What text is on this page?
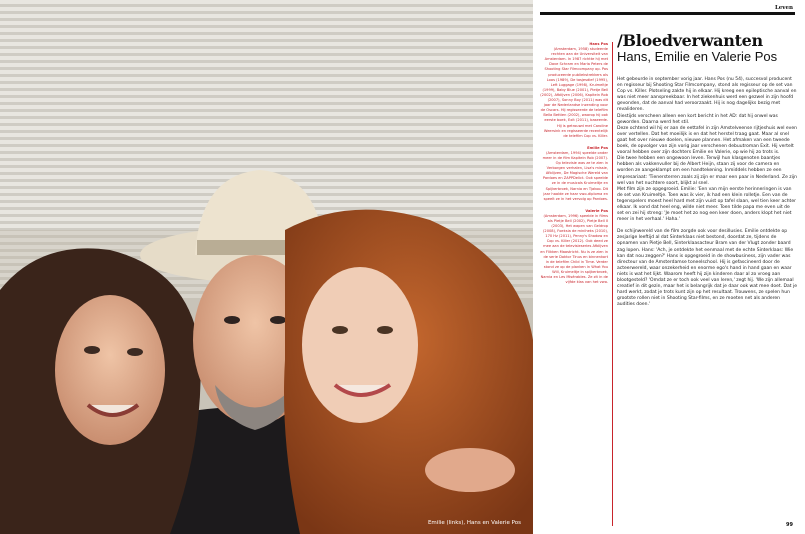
Emilie (links), Hans en Valerie Pos
Leven
Hans Pos
(Amsterdam, 1958) studeerde rechten aan de Universiteit van Amsterdam. In 1987 richtte hij met Dave Schram en Maria Peters de Shooting Star Filmcompany op. Pos produceerde publiekstrekkers als Loos (1989), De tasjesdief (1995), Left Luggage (1998), Kruimeltje (1999), Baby Blue (2001), Pietje Bell (2002), Afblijven (2006), Kapitein Rob (2007), Sonny Boy (2011) was dit jaar de Nederlandse inzending voor de Oscars. Hij regisseerde de telefilm Bella Bettien (2002), waarop hij ook eerste boek, Exit (2011), baseerde. Hij is getrouwd met Caroline Weersink en regisseerde recentelijk de telefilm Cop vs. Killer.
Emilie Pos
(Amsterdam, 1994) speelde onder meer in de film Kapitein Rob (2007). Op televisie was ze te zien in Verborgen verhalen, Lisa's missie, Afblijven, De Magische Wereld van Pardoes en ZAPPDelict. Ook speelde ze in de musicals Kruimeltje en Spijkerbroek, Narnia en Tjakoo. Dit jaar haalde ze haar vwo-diploma en speelt ze in het vervolg op Pardoes.
Valerie Pos
(Amsterdam, 1996) speelde in films als Pietje Bell (2002), Pietje Bell II (2003), Het wapen van Geldrop (2008), Foeksia de miniheks (2010), 170 Hz (2011), Penny's Shadow en Cop vs. Killer (2012). Ook deed ze mee aan de televisieseries Afblijven en Flikken Maastricht. Nu is ze zien in de serie Doktor Tinus en binnenkort in de telefilm Child in Time. Verder stond ze op de planken in What You Will, Kruimeltje in spijkerbroek, Narnia en Les Misérables. Ze zit in de vijfde klas van het vwo.
/Bloedverwanten
Hans, Emilie en Valerie Pos

Het gebeurde in september vorig jaar. Hans Pos (nu 54), succesvol producent en regisseur bij Shooting Star Filmcompany, stond als regisseur op de set van Cop vs. Killer. Plotseling zakte hij in elkaar. Hij kreeg een epileptische aanval en was niet meer aanspreekbaar. In het ziekenhuis werd een gezwel in zijn hoofd gevonden, dat de aanval had veroorzaakt. Hij is nog dagelijks bezig met revalideren.

Diestijds verscheen alleen een kort bericht in het AD: dat hij onwel was geworden. Daarna werd het stil.

Deze ochtend wil hij er aan de eettafel in zijn Amstelveense rijtjeshuis wel even over vertellen. Dat het moeilijk is en dat het herstel traag gaat. Maar al snel gaat het over nieuwe doelen, nieuwe plannen. Het afmaken van een tweede boek, de opvolger van zijn vorig jaar verschenen debuutroman Exit. Hij vertelt vooral hebben over zijn dochters Emilie en Valerie, op wie hij zo trots is.

Die twee hebben een ongewoon leven. Terwijl hun klasgenoten baantjes hebben als vakkenvuller bij de Albert Heijn, staan zij voor de camera en worden ze aangeklampt om een handtekening. Inmiddels hebben ze een impresariaat: 'Tienersterren zoals zij zijn er maar een paar in Nederland. Ze zijn wel van het nuchtere soort, blijkt al snel.

Met film zijn ze opgegroeid. Emilie: 'Een van mijn eerste herinneringen is van de set van Kruimeltje. Toen was ik vier, ik had een klein rolletje. Een van de tegenspelers moest heel hard met zijn vuist op tafel slaan, wel tien keer achter elkaar. Ik vond dat heel eng, wilde niet meer. Toen tilde papa me even uit de set en zei hij streng: 'Je moet het zo nog een keer doen, anders klopt het niet meer in het verhaal.' Haha.'

De schijnwereld van de film zorgde ook voor desillusies. Emilie ontdekte op zesjarige leeftijd al dat Sinterklaas niet bestond, doordat ze, tijdens de opnamen van Pietje Bell, Sinterklaasacteur Bram van der Vlugt zonder baard zag lopen. Hans: 'Ach, je ontdekte het eenmaal met de echte Sinterklaas: Wie kan dat nou zeggen?' Hans is opgegroeid in de showbusiness, zijn vader was directeur van de Amsterdamse toneelschool. Hij is gefascineerd door de acteerwereld, waar onzekerheid en enorme ego's hand in hand gaan en waar niets is wat het lijkt. Waarom heeft hij zijn kinderen daar al zo vroeg aan blootgesteld? 'Omdat ze er toch ook veel van leren,' zegt hij. 'We zijn allemaal creatief in dit gezin, maar het is belangrijk dat je daar ook wat mee doet. Dat je hard werkt, zodat je trots kunt zijn op het resultaat. Trouwens, ze spelen hun grootste rollen niet in Shooting Star-films, en ze moeten net als anderen audities doen.'

99
